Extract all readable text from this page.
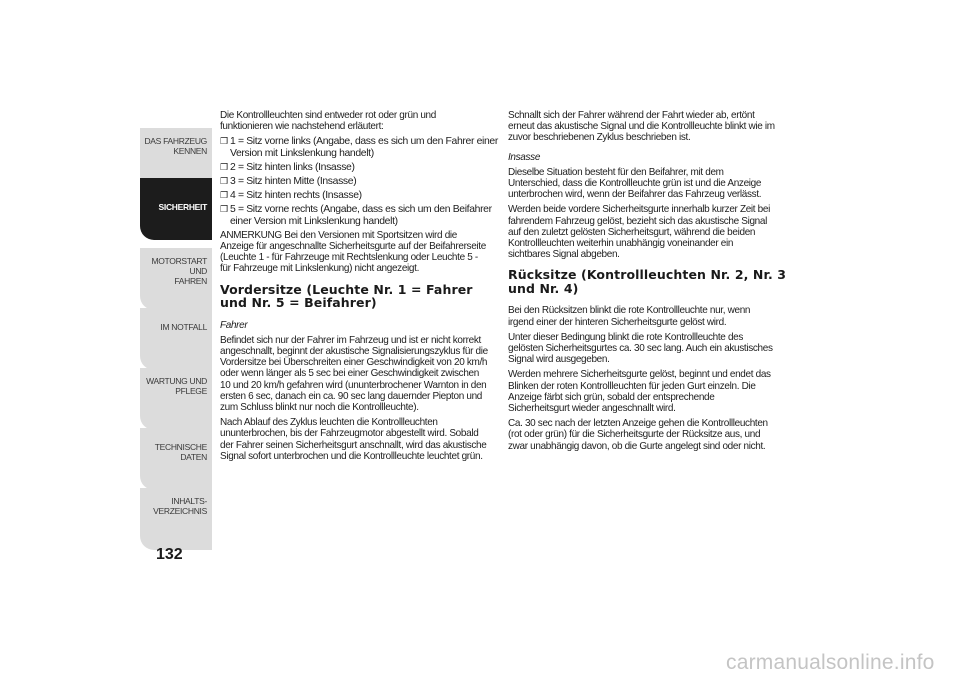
DAS FAHRZEUG
KENNEN
SICHERHEIT
MOTORSTART UND
FAHREN
IM NOTFALL
WARTUNG UND
PFLEGE
TECHNISCHE DATEN
INHALTS-
VERZEICHNIS
132

Die Kontrollleuchten sind entweder rot oder grün und funktionieren wie nachstehend erläutert:

❒ 1 = Sitz vorne links (Angabe, dass es sich um den Fahrer einer Version mit Linkslenkung handelt)
❒ 2 = Sitz hinten links (Insasse)
❒ 3 = Sitz hinten Mitte (Insasse)
❒ 4 = Sitz hinten rechts (Insasse)
❒ 5 = Sitz vorne rechts (Angabe, dass es sich um den Beifahrer einer Version mit Linkslenkung handelt)

ANMERKUNG Bei den Versionen mit Sportsitzen wird die Anzeige für angeschnallte Sicherheitsgurte auf der Beifahrerseite (Leuchte 1 - für Fahrzeuge mit Rechtslenkung oder Leuchte 5 - für Fahrzeuge mit Linkslenkung) nicht angezeigt.

Vordersitze (Leuchte Nr. 1 = Fahrer und Nr. 5 = Beifahrer)

Fahrer

Befindet sich nur der Fahrer im Fahrzeug und ist er nicht korrekt angeschnallt, beginnt der akustische Signalisierungszyklus für die Vordersitze bei Überschreiten einer Geschwindigkeit von 20 km/h oder wenn länger als 5 sec bei einer Geschwindigkeit zwischen 10 und 20 km/h gefahren wird (ununterbrochener Warnton in den ersten 6 sec, danach ein ca. 90 sec lang dauernder Piepton und zum Schluss blinkt nur noch die Kontrollleuchte).

Nach Ablauf des Zyklus leuchten die Kontrollleuchten ununterbrochen, bis der Fahrzeugmotor abgestellt wird. Sobald der Fahrer seinen Sicherheitsgurt anschnallt, wird das akustische Signal sofort unterbrochen und die Kontrollleuchte leuchtet grün.

Schnallt sich der Fahrer während der Fahrt wieder ab, ertönt erneut das akustische Signal und die Kontrollleuchte blinkt wie im zuvor beschriebenen Zyklus beschrieben ist.

Insasse

Dieselbe Situation besteht für den Beifahrer, mit dem Unterschied, dass die Kontrollleuchte grün ist und die Anzeige unterbrochen wird, wenn der Beifahrer das Fahrzeug verlässt.

Werden beide vordere Sicherheitsgurte innerhalb kurzer Zeit bei fahrendem Fahrzeug gelöst, bezieht sich das akustische Signal auf den zuletzt gelösten Sicherheitsgurt, während die beiden Kontrollleuchten weiterhin unabhängig voneinander ein sichtbares Signal abgeben.

Rücksitze (Kontrollleuchten Nr. 2, Nr. 3 und Nr. 4)

Bei den Rücksitzen blinkt die rote Kontrollleuchte nur, wenn irgend einer der hinteren Sicherheitsgurte gelöst wird.

Unter dieser Bedingung blinkt die rote Kontrollleuchte des gelösten Sicherheitsgurtes ca. 30 sec lang. Auch ein akustisches Signal wird ausgegeben.

Werden mehrere Sicherheitsgurte gelöst, beginnt und endet das Blinken der roten Kontrollleuchten für jeden Gurt einzeln. Die Anzeige färbt sich grün, sobald der entsprechende Sicherheitsgurt wieder angeschnallt wird.

Ca. 30 sec nach der letzten Anzeige gehen die Kontrollleuchten (rot oder grün) für die Sicherheitsgurte der Rücksitze aus, und zwar unabhängig davon, ob die Gurte angelegt sind oder nicht.

carmanualsonline.info
